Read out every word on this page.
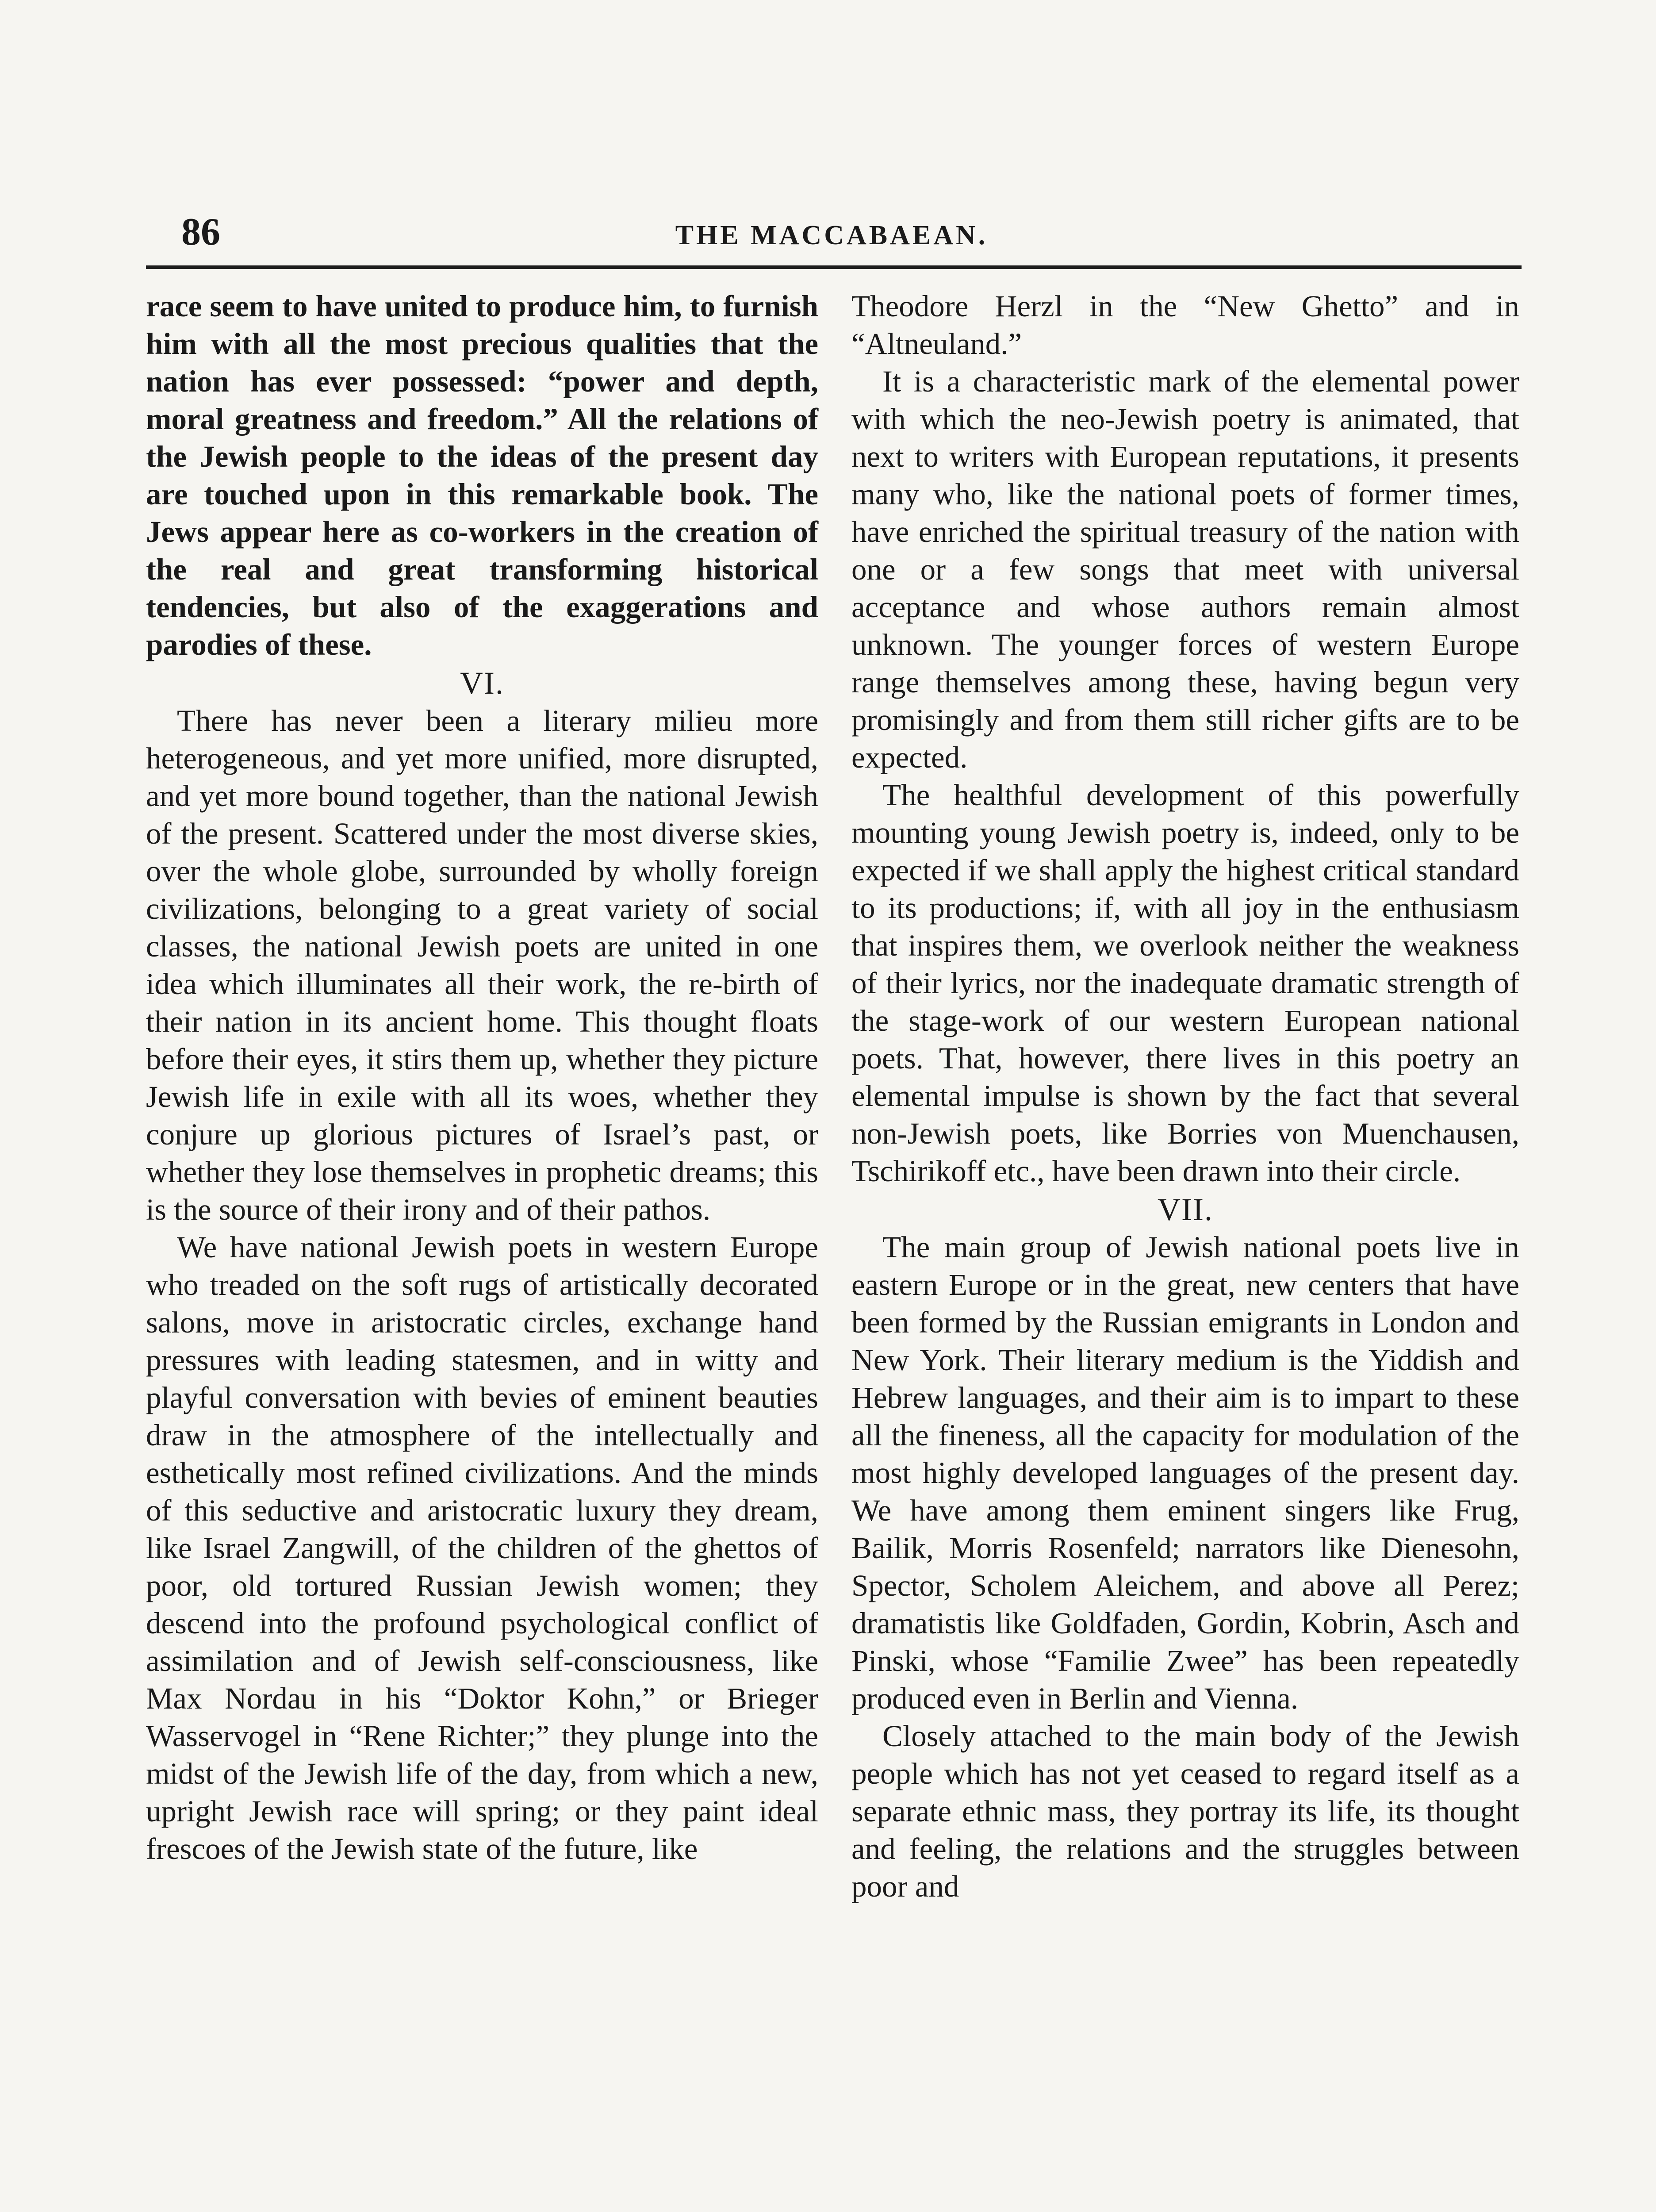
86	THE MACCABAEAN.

race seem to have united to produce him, to furnish him with all the most precious qualities that the nation has ever possessed: “power and depth, moral greatness and freedom.” All the relations of the Jewish people to the ideas of the present day are touched upon in this remarkable book. The Jews appear here as co-workers in the creation of the real and great transforming historical tendencies, but also of the exaggerations and parodies of these.

VI.

There has never been a literary milieu more heterogeneous, and yet more unified, more disrupted, and yet more bound together, than the national Jewish of the present. Scattered under the most diverse skies, over the whole globe, surrounded by wholly foreign civilizations, belonging to a great variety of social classes, the national Jewish poets are united in one idea which illuminates all their work, the re-birth of their nation in its ancient home. This thought floats before their eyes, it stirs them up, whether they picture Jewish life in exile with all its woes, whether they conjure up glorious pictures of Israel’s past, or whether they lose themselves in prophetic dreams; this is the source of their irony and of their pathos.

We have national Jewish poets in western Europe who treaded on the soft rugs of artistically decorated salons, move in aristocratic circles, exchange hand pressures with leading statesmen, and in witty and playful conversation with bevies of eminent beauties draw in the atmosphere of the intellectually and esthetically most refined civilizations. And the minds of this seductive and aristocratic luxury they dream, like Israel Zangwill, of the children of the ghettos of poor, old tortured Russian Jewish women; they descend into the profound psychological conflict of assimilation and of Jewish self-consciousness, like Max Nordau in his “Doktor Kohn,” or Brieger Wasservogel in “Rene Richter;” they plunge into the midst of the Jewish life of the day, from which a new, upright Jewish race will spring; or they paint ideal frescoes of the Jewish state of the future, like

Theodore Herzl in the “New Ghetto” and in “Altneuland.”

It is a characteristic mark of the elemental power with which the neo-Jewish poetry is animated, that next to writers with European reputations, it presents many who, like the national poets of former times, have enriched the spiritual treasury of the nation with one or a few songs that meet with universal acceptance and whose authors remain almost unknown. The younger forces of western Europe range themselves among these, having begun very promisingly and from them still richer gifts are to be expected.

The healthful development of this powerfully mounting young Jewish poetry is, indeed, only to be expected if we shall apply the highest critical standard to its productions; if, with all joy in the enthusiasm that inspires them, we overlook neither the weakness of their lyrics, nor the inadequate dramatic strength of the stage-work of our western European national poets. That, however, there lives in this poetry an elemental impulse is shown by the fact that several non-Jewish poets, like Borries von Muenchausen, Tschirikoff etc., have been drawn into their circle.

VII.

The main group of Jewish national poets live in eastern Europe or in the great, new centers that have been formed by the Russian emigrants in London and New York. Their literary medium is the Yiddish and Hebrew languages, and their aim is to impart to these all the fineness, all the capacity for modulation of the most highly developed languages of the present day. We have among them eminent singers like Frug, Bailik, Morris Rosenfeld; narrators like Dienesohn, Spector, Scholem Aleichem, and above all Perez; dramatistis like Goldfaden, Gordin, Kobrin, Asch and Pinski, whose “Familie Zwee” has been repeatedly produced even in Berlin and Vienna.

Closely attached to the main body of the Jewish people which has not yet ceased to regard itself as a separate ethnic mass, they portray its life, its thought and feeling, the relations and the struggles between poor and
